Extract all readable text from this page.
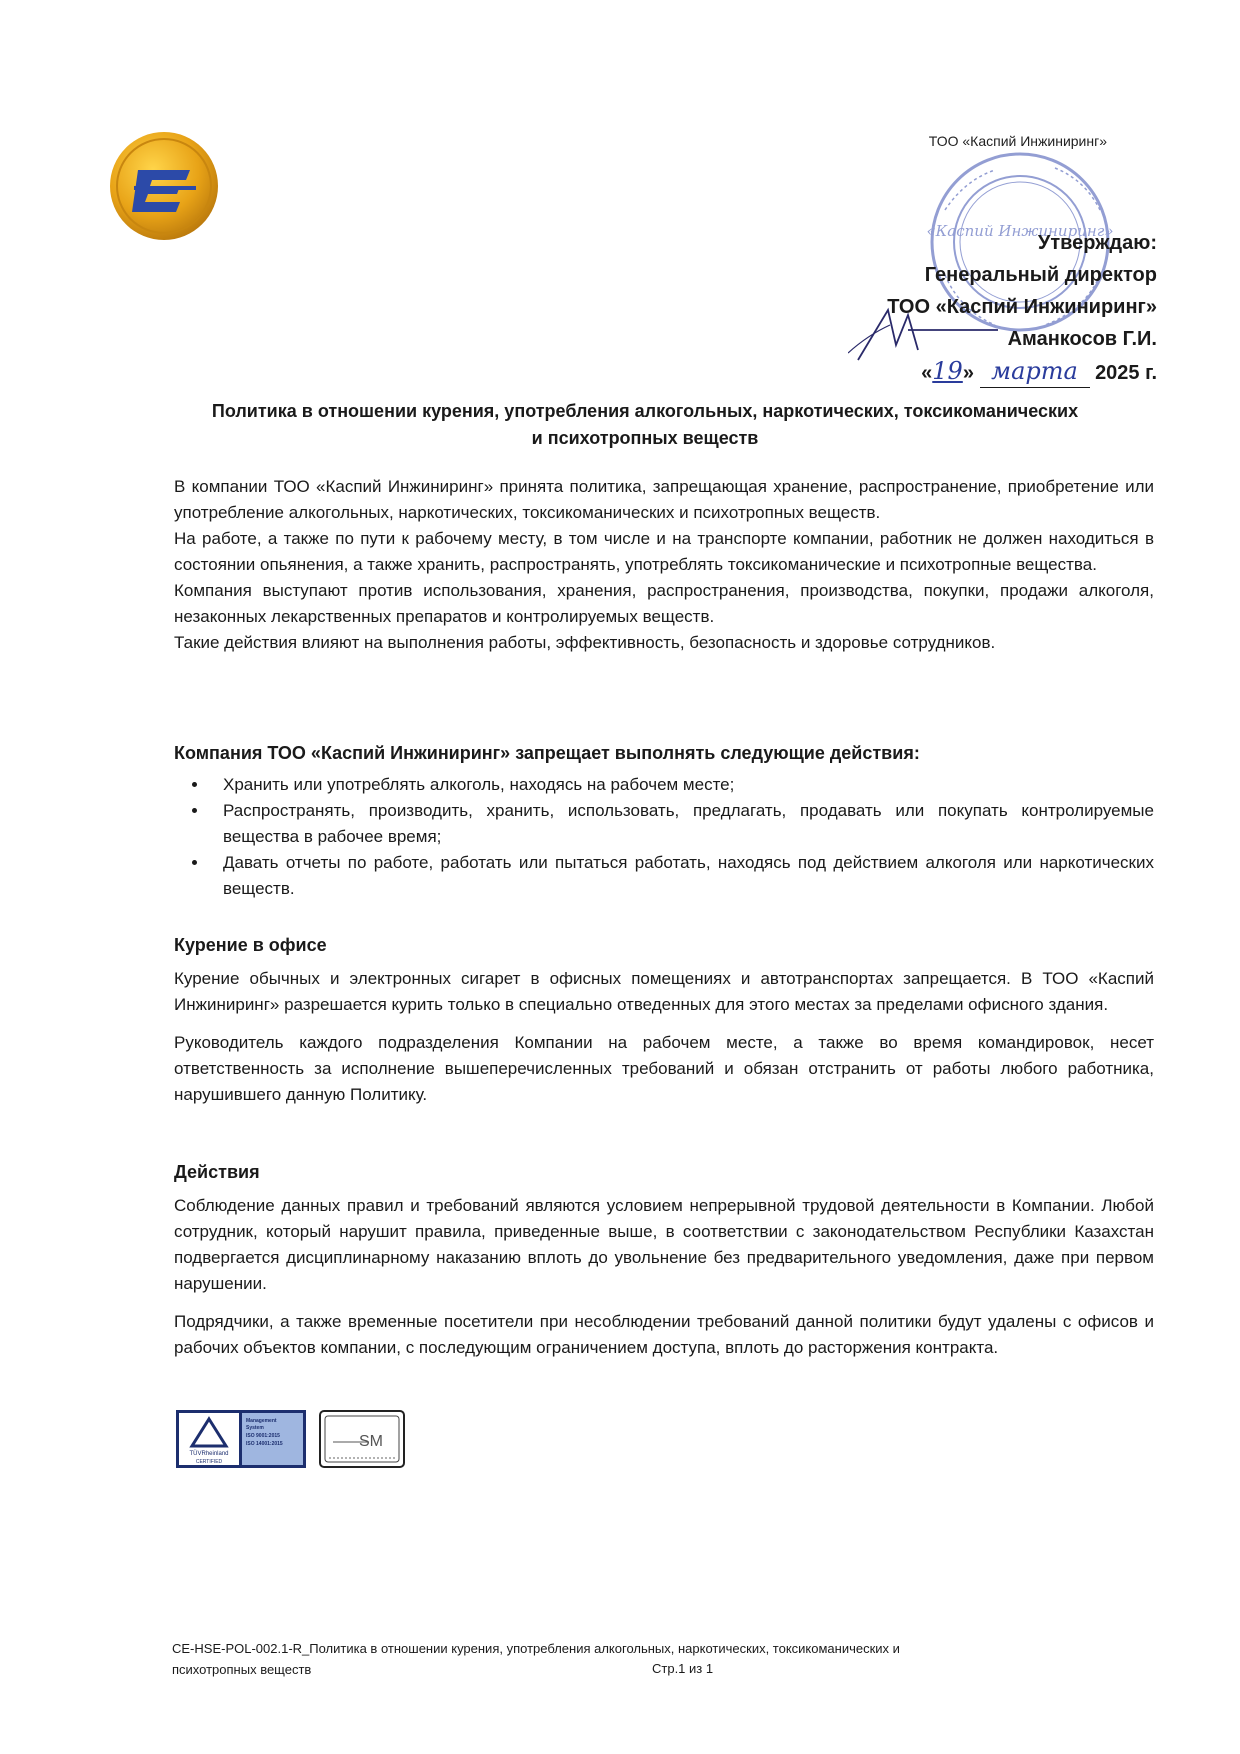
ТОО «Каспий Инжиниринг»
«Каспий Инжиниринг»
Утверждаю:
Генеральный директор
ТОО «Каспий Инжиниринг»
Аманкосов Г.И.
«19» марта 2025 г.
Политика в отношении курения, употребления алкогольных, наркотических, токсикоманических
и психотропных веществ

В компании ТОО «Каспий Инжиниринг» принята политика, запрещающая хранение, распространение, приобретение или употребление алкогольных, наркотических, токсикоманических и психотропных веществ.

На работе, а также по пути к рабочему месту, в том числе и на транспорте компании, работник не должен находиться в состоянии опьянения, а также хранить, распространять, употреблять токсикоманические и психотропные вещества.

Компания выступают против использования, хранения, распространения, производства, покупки, продажи алкоголя, незаконных лекарственных препаратов и контролируемых веществ.

Такие действия влияют на выполнения работы, эффективность, безопасность и здоровье сотрудников.

Компания ТОО «Каспий Инжиниринг» запрещает выполнять следующие действия:

• Хранить или употреблять алкоголь, находясь на рабочем месте;
• Распространять, производить, хранить, использовать, предлагать, продавать или покупать контролируемые вещества в рабочее время;
• Давать отчеты по работе, работать или пытаться работать, находясь под действием алкоголя или наркотических веществ.

Курение в офисе

Курение обычных и электронных сигарет в офисных помещениях и автотранспортах запрещается. В ТОО «Каспий Инжиниринг» разрешается курить только в специально отведенных для этого местах за пределами офисного здания.

Руководитель каждого подразделения Компании на рабочем месте, а также во время командировок, несет ответственность за исполнение вышеперечисленных требований и обязан отстранить от работы любого работника, нарушившего данную Политику.

Действия

Соблюдение данных правил и требований являются условием непрерывной трудовой деятельности в Компании. Любой сотрудник, который нарушит правила, приведенные выше, в соответствии с законодательством Республики Казахстан подвергается дисциплинарному наказанию вплоть до увольнение без предварительного уведомления, даже при первом нарушении.

Подрядчики, а также временные посетители при несоблюдении требований данной политики будут удалены с офисов и рабочих объектов компании, с последующим ограничением доступа, вплоть до расторжения контракта.

TÜVRheinland
CERTIFIED
Management
System
ISO 9001:2015
ISO 14001:2015	SM
CE-HSE-POL-002.1-R_Политика в отношении курения, употребления алкогольных, наркотических, токсикоманических и
психотропных веществ	Стр.1 из 1
